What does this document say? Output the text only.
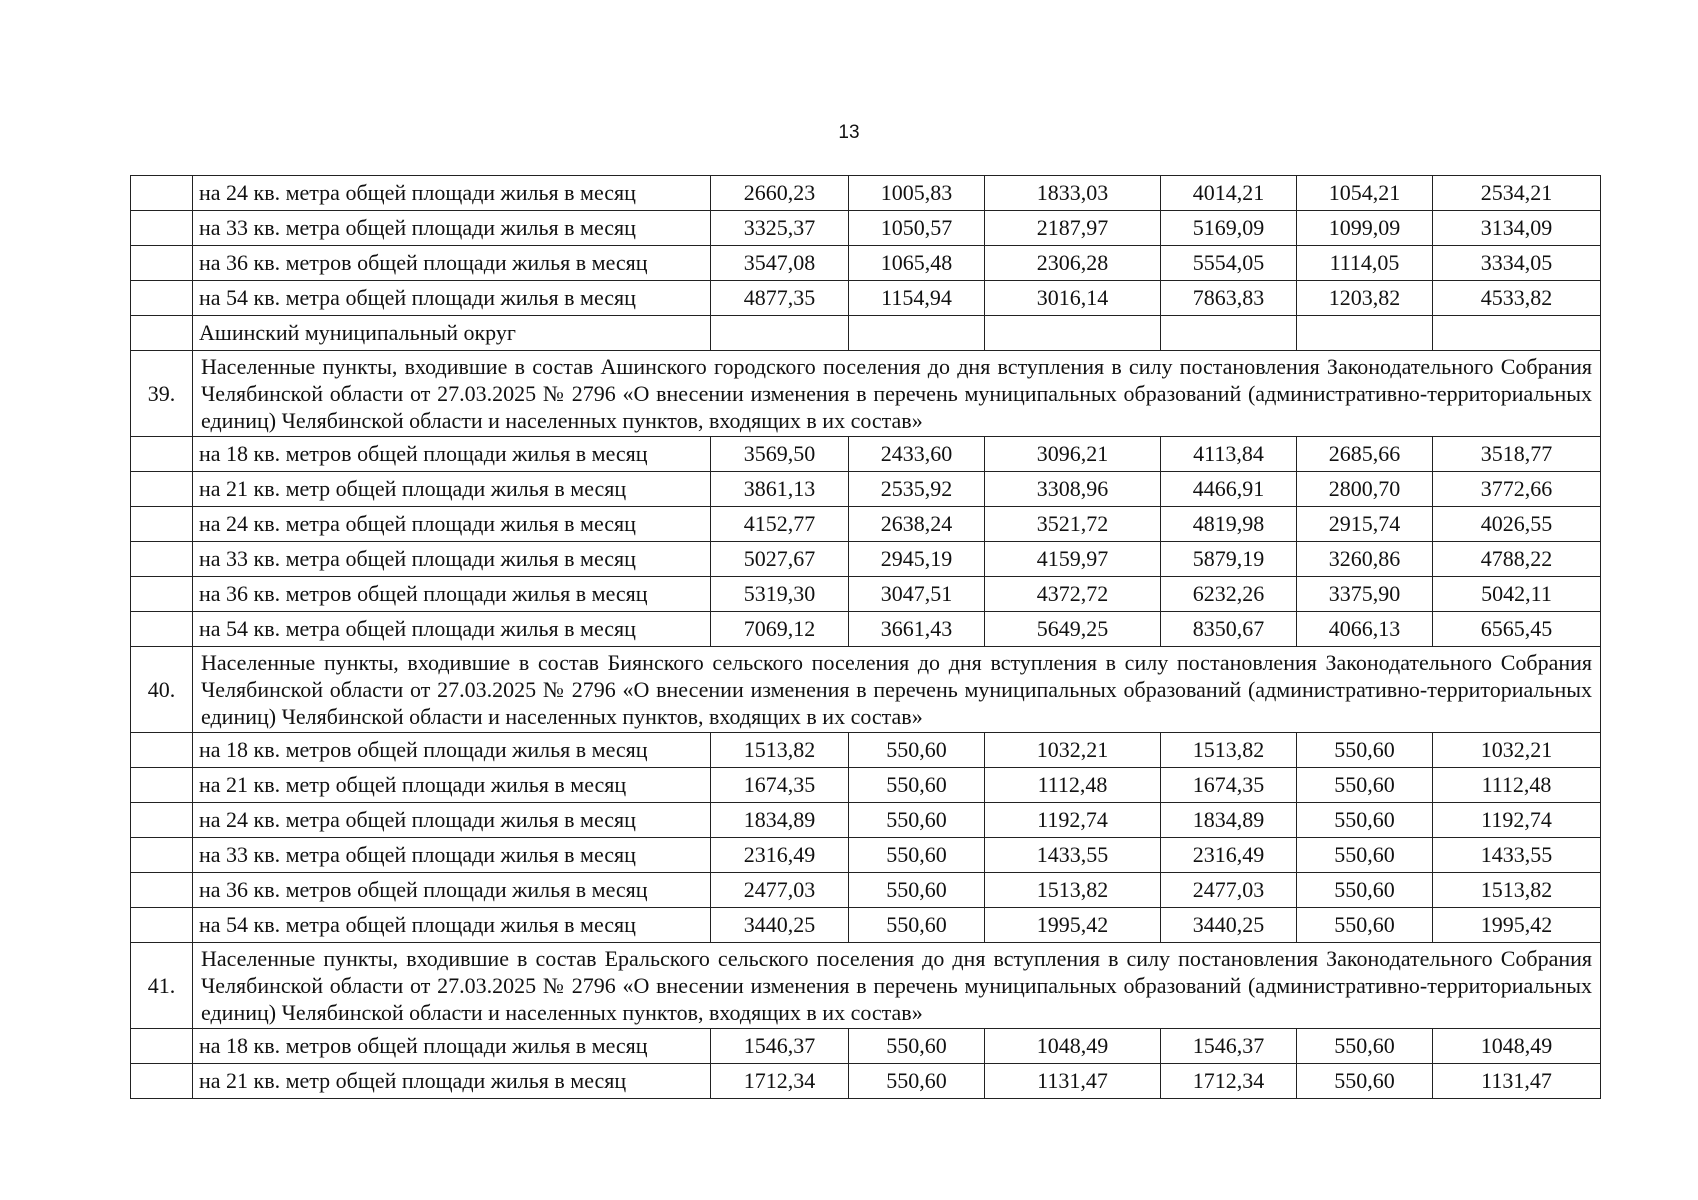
13
	на 24 кв. метра общей площади жилья в месяц	2660,23	1005,83	1833,03	4014,21	1054,21	2534,21
	на 33 кв. метра общей площади жилья в месяц	3325,37	1050,57	2187,97	5169,09	1099,09	3134,09
	на 36 кв. метров общей площади жилья в месяц	3547,08	1065,48	2306,28	5554,05	1114,05	3334,05
	на 54 кв. метра общей площади жилья в месяц	4877,35	1154,94	3016,14	7863,83	1203,82	4533,82
	Ашинский муниципальный округ						
39.	Населенные пункты, входившие в состав Ашинского городского поселения до дня вступления в силу постановления Законодательного Собрания Челябинской области от 27.03.2025 № 2796 «О внесении изменения в перечень муниципальных образований (административно-территориальных единиц) Челябинской области и населенных пунктов, входящих в их состав»						
	на 18 кв. метров общей площади жилья в месяц	3569,50	2433,60	3096,21	4113,84	2685,66	3518,77
	на 21 кв. метр общей площади жилья в месяц	3861,13	2535,92	3308,96	4466,91	2800,70	3772,66
	на 24 кв. метра общей площади жилья в месяц	4152,77	2638,24	3521,72	4819,98	2915,74	4026,55
	на 33 кв. метра общей площади жилья в месяц	5027,67	2945,19	4159,97	5879,19	3260,86	4788,22
	на 36 кв. метров общей площади жилья в месяц	5319,30	3047,51	4372,72	6232,26	3375,90	5042,11
	на 54 кв. метра общей площади жилья в месяц	7069,12	3661,43	5649,25	8350,67	4066,13	6565,45
40.	Населенные пункты, входившие в состав Биянского сельского поселения до дня вступления в силу постановления Законодательного Собрания Челябинской области от 27.03.2025 № 2796 «О внесении изменения в перечень муниципальных образований (административно-территориальных единиц) Челябинской области и населенных пунктов, входящих в их состав»						
	на 18 кв. метров общей площади жилья в месяц	1513,82	550,60	1032,21	1513,82	550,60	1032,21
	на 21 кв. метр общей площади жилья в месяц	1674,35	550,60	1112,48	1674,35	550,60	1112,48
	на 24 кв. метра общей площади жилья в месяц	1834,89	550,60	1192,74	1834,89	550,60	1192,74
	на 33 кв. метра общей площади жилья в месяц	2316,49	550,60	1433,55	2316,49	550,60	1433,55
	на 36 кв. метров общей площади жилья в месяц	2477,03	550,60	1513,82	2477,03	550,60	1513,82
	на 54 кв. метра общей площади жилья в месяц	3440,25	550,60	1995,42	3440,25	550,60	1995,42
41.	Населенные пункты, входившие в состав Еральского сельского поселения до дня вступления в силу постановления Законодательного Собрания Челябинской области от 27.03.2025 № 2796 «О внесении изменения в перечень муниципальных образований (административно-территориальных единиц) Челябинской области и населенных пунктов, входящих в их состав»						
	на 18 кв. метров общей площади жилья в месяц	1546,37	550,60	1048,49	1546,37	550,60	1048,49
	на 21 кв. метр общей площади жилья в месяц	1712,34	550,60	1131,47	1712,34	550,60	1131,47
